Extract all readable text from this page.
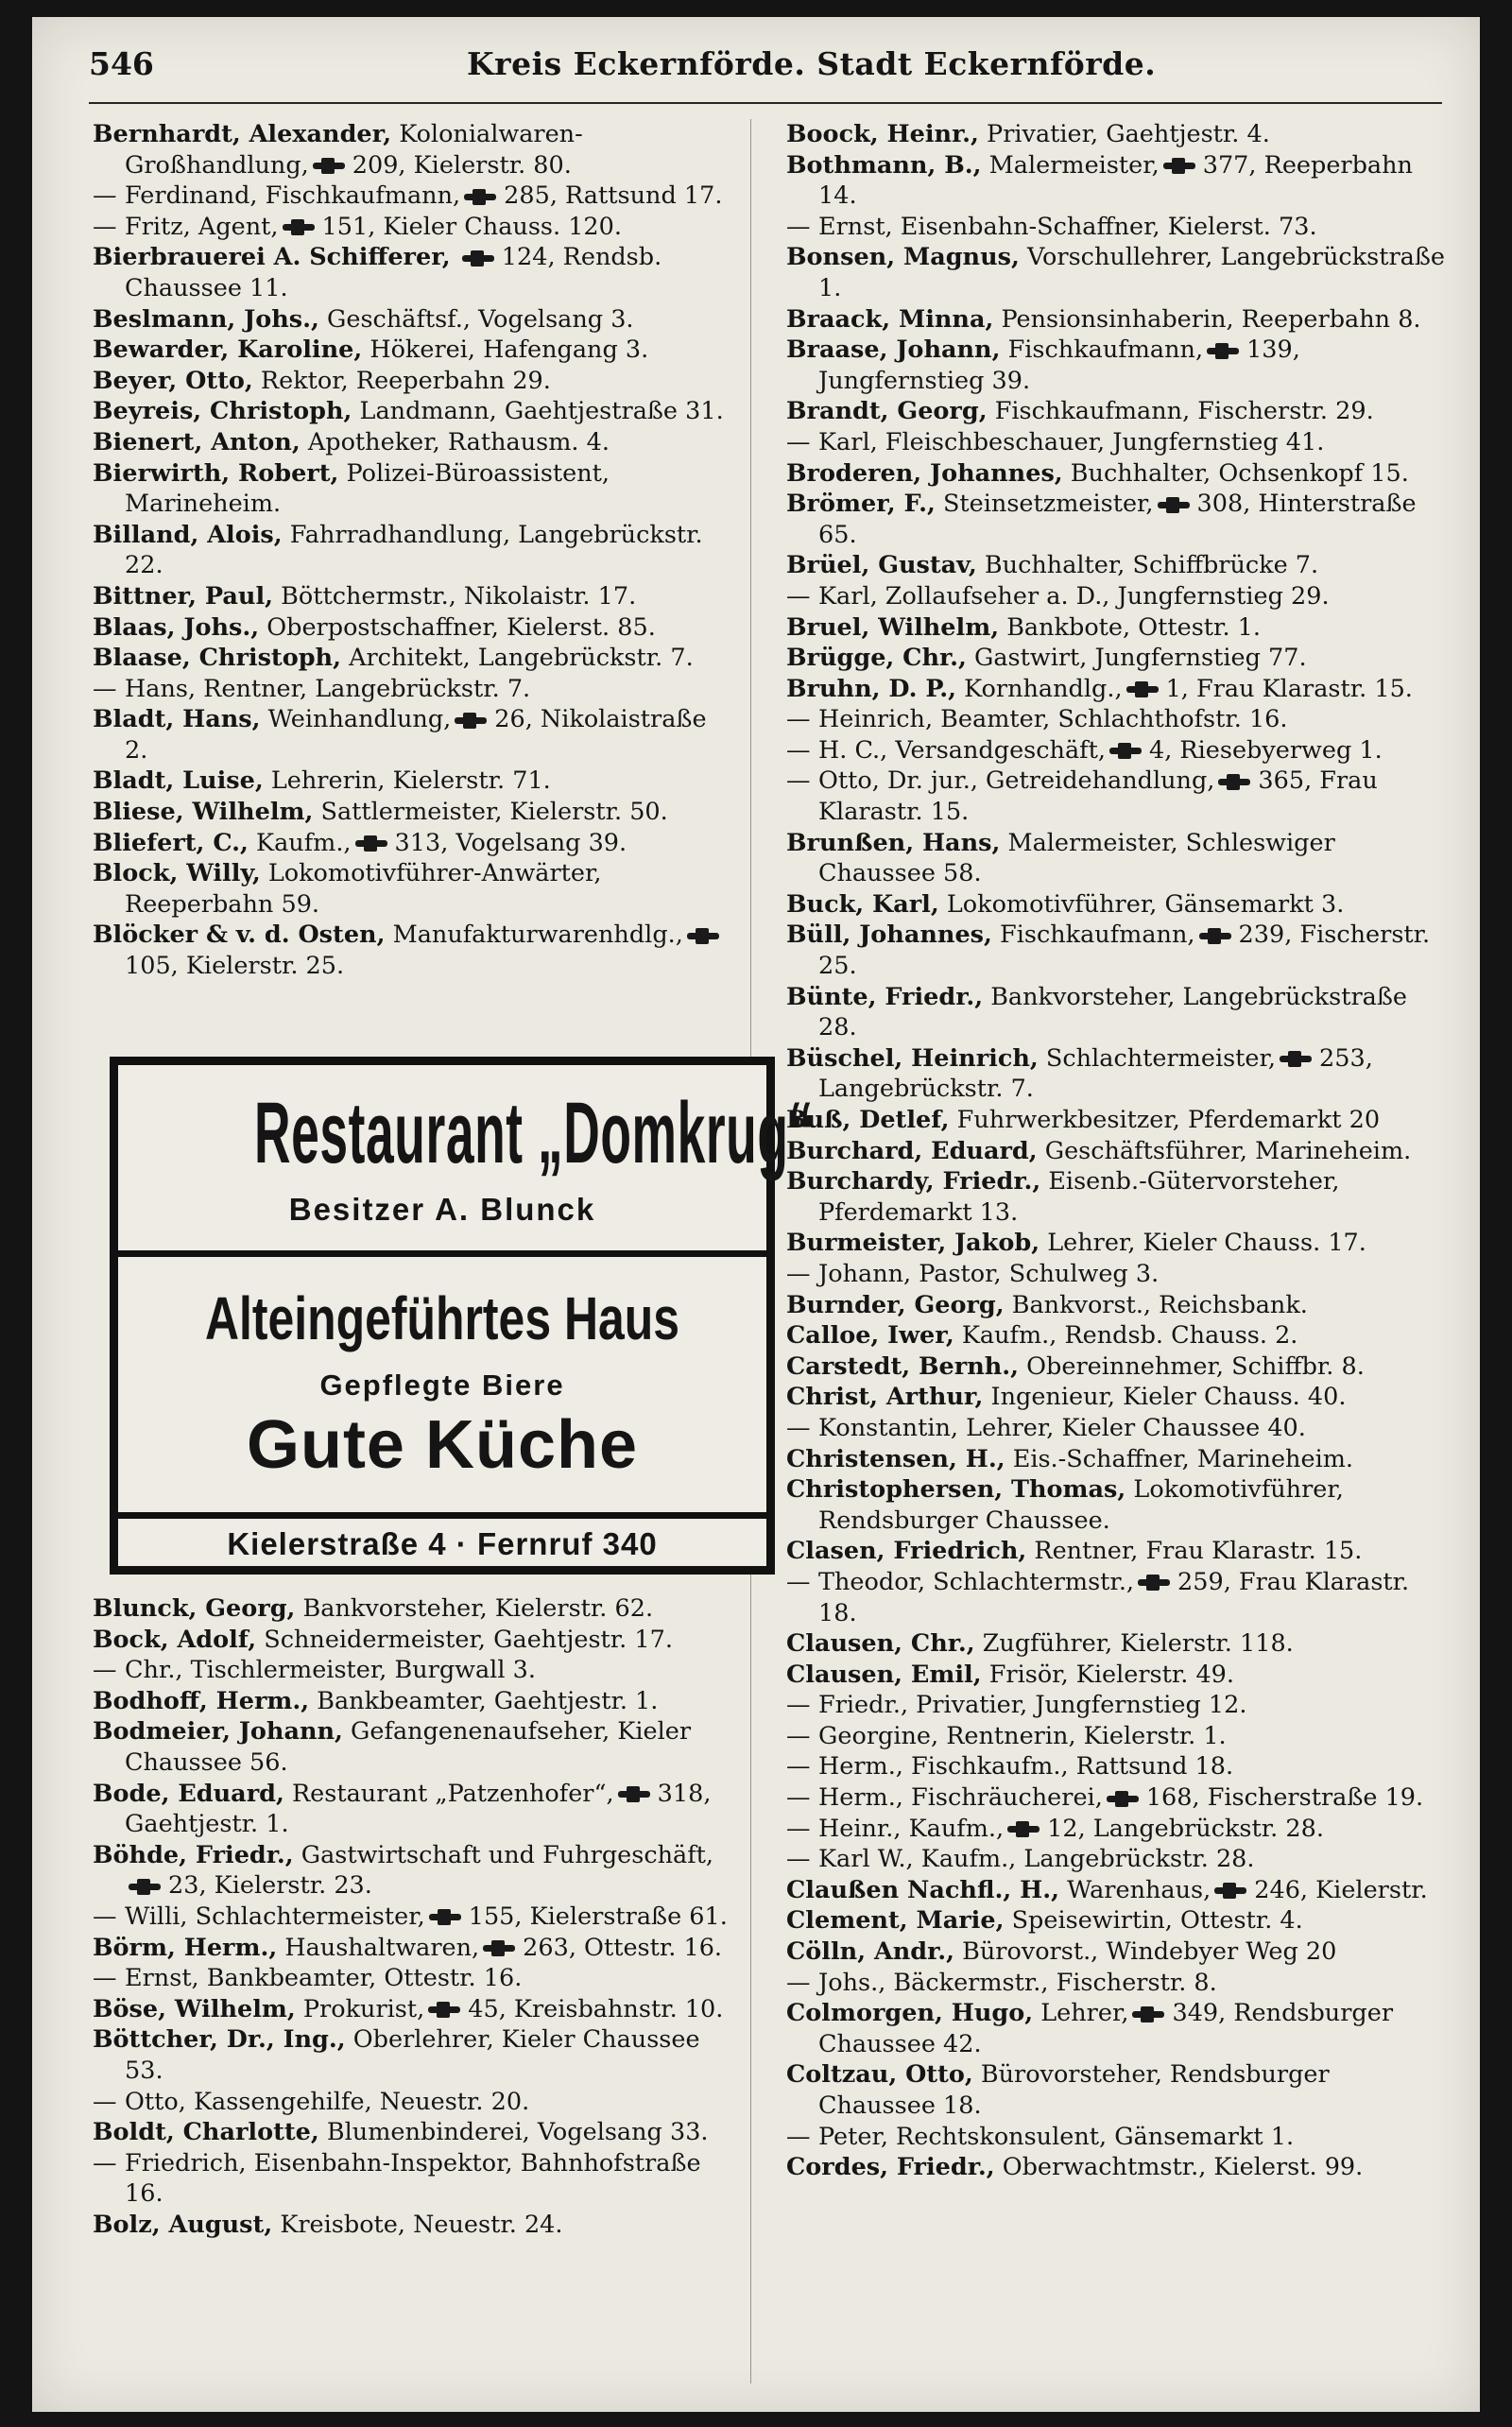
546	Kreis Eckernförde. Stadt Eckernförde.

Bernhardt, Alexander, Kolonialwaren-Großhandlung, 209, Kielerstr. 80.

— Ferdinand, Fischkaufmann, 285, Rattsund 17.

— Fritz, Agent, 151, Kieler Chauss. 120.

Bierbrauerei A. Schifferer, 124, Rendsb. Chaussee 11.

Beslmann, Johs., Geschäftsf., Vogelsang 3.

Bewarder, Karoline, Hökerei, Hafengang 3.

Beyer, Otto, Rektor, Reeperbahn 29.

Beyreis, Christoph, Landmann, Gaehtjestraße 31.

Bienert, Anton, Apotheker, Rathausm. 4.

Bierwirth, Robert, Polizei-Büroassistent, Marineheim.

Billand, Alois, Fahrradhandlung, Langebrückstr. 22.

Bittner, Paul, Böttchermstr., Nikolaistr. 17.

Blaas, Johs., Oberpostschaffner, Kielerst. 85.

Blaase, Christoph, Architekt, Langebrückstr. 7.

— Hans, Rentner, Langebrückstr. 7.

Bladt, Hans, Weinhandlung, 26, Nikolaistraße 2.

Bladt, Luise, Lehrerin, Kielerstr. 71.

Bliese, Wilhelm, Sattlermeister, Kielerstr. 50.

Bliefert, C., Kaufm., 313, Vogelsang 39.

Block, Willy, Lokomotivführer-Anwärter, Reeperbahn 59.

Blöcker & v. d. Osten, Manufakturwarenhdlg.,105, Kielerstr. 25.

Restaurant „Domkrug“
Besitzer A. Blunck
Alteingeführtes Haus
Gepflegte Biere
Gute Küche
Kielerstraße 4 · Fernruf 340

Blunck, Georg, Bankvorsteher, Kielerstr. 62.

Bock, Adolf, Schneidermeister, Gaehtjestr. 17.

— Chr., Tischlermeister, Burgwall 3.

Bodhoff, Herm., Bankbeamter, Gaehtjestr. 1.

Bodmeier, Johann, Gefangenenaufseher, Kieler Chaussee 56.

Bode, Eduard, Restaurant „Patzenhofer“, 318, Gaehtjestr. 1.

Böhde, Friedr., Gastwirtschaft und Fuhrgeschäft,23, Kielerstr. 23.

— Willi, Schlachtermeister, 155, Kielerstraße 61.

Börm, Herm., Haushaltwaren, 263, Ottestr. 16.

— Ernst, Bankbeamter, Ottestr. 16.

Böse, Wilhelm, Prokurist, 45, Kreisbahnstr. 10.

Böttcher, Dr., Ing., Oberlehrer, Kieler Chaussee 53.

— Otto, Kassengehilfe, Neuestr. 20.

Boldt, Charlotte, Blumenbinderei, Vogelsang 33.

— Friedrich, Eisenbahn-Inspektor, Bahnhofstraße 16.

Bolz, August, Kreisbote, Neuestr. 24.

Boock, Heinr., Privatier, Gaehtjestr. 4.

Bothmann, B., Malermeister, 377, Reeperbahn 14.

— Ernst, Eisenbahn-Schaffner, Kielerst. 73.

Bonsen, Magnus, Vorschullehrer, Langebrückstraße 1.

Braack, Minna, Pensionsinhaberin, Reeperbahn 8.

Braase, Johann, Fischkaufmann, 139, Jungfernstieg 39.

Brandt, Georg, Fischkaufmann, Fischerstr. 29.

— Karl, Fleischbeschauer, Jungfernstieg 41.

Broderen, Johannes, Buchhalter, Ochsenkopf 15.

Brömer, F., Steinsetzmeister, 308, Hinterstraße 65.

Brüel, Gustav, Buchhalter, Schiffbrücke 7.

— Karl, Zollaufseher a. D., Jungfernstieg 29.

Bruel, Wilhelm, Bankbote, Ottestr. 1.

Brügge, Chr., Gastwirt, Jungfernstieg 77.

Bruhn, D. P., Kornhandlg., 1, Frau Klarastr. 15.

— Heinrich, Beamter, Schlachthofstr. 16.

— H. C., Versandgeschäft, 4, Riesebyerweg 1.

— Otto, Dr. jur., Getreidehandlung, 365, Frau Klarastr. 15.

Brunßen, Hans, Malermeister, Schleswiger Chaussee 58.

Buck, Karl, Lokomotivführer, Gänsemarkt 3.

Büll, Johannes, Fischkaufmann, 239, Fischerstr. 25.

Bünte, Friedr., Bankvorsteher, Langebrückstraße 28.

Büschel, Heinrich, Schlachtermeister, 253, Langebrückstr. 7.

Buß, Detlef, Fuhrwerkbesitzer, Pferdemarkt 20

Burchard, Eduard, Geschäftsführer, Marineheim.

Burchardy, Friedr., Eisenb.-Gütervorsteher, Pferdemarkt 13.

Burmeister, Jakob, Lehrer, Kieler Chauss. 17.

— Johann, Pastor, Schulweg 3.

Burnder, Georg, Bankvorst., Reichsbank.

Calloe, Iwer, Kaufm., Rendsb. Chauss. 2.

Carstedt, Bernh., Obereinnehmer, Schiffbr. 8.

Christ, Arthur, Ingenieur, Kieler Chauss. 40.

— Konstantin, Lehrer, Kieler Chaussee 40.

Christensen, H., Eis.-Schaffner, Marineheim.

Christophersen, Thomas, Lokomotivführer, Rendsburger Chaussee.

Clasen, Friedrich, Rentner, Frau Klarastr. 15.

— Theodor, Schlachtermstr., 259, Frau Klarastr. 18.

Clausen, Chr., Zugführer, Kielerstr. 118.

Clausen, Emil, Frisör, Kielerstr. 49.

— Friedr., Privatier, Jungfernstieg 12.

— Georgine, Rentnerin, Kielerstr. 1.

— Herm., Fischkaufm., Rattsund 18.

— Herm., Fischräucherei, 168, Fischerstraße 19.

— Heinr., Kaufm., 12, Langebrückstr. 28.

— Karl W., Kaufm., Langebrückstr. 28.

Claußen Nachfl., H., Warenhaus, 246, Kielerstr.

Clement, Marie, Speisewirtin, Ottestr. 4.

Cölln, Andr., Bürovorst., Windebyer Weg 20

— Johs., Bäckermstr., Fischerstr. 8.

Colmorgen, Hugo, Lehrer, 349, Rendsburger Chaussee 42.

Coltzau, Otto, Bürovorsteher, Rendsburger Chaussee 18.

— Peter, Rechtskonsulent, Gänsemarkt 1.

Cordes, Friedr., Oberwachtmstr., Kielerst. 99.
